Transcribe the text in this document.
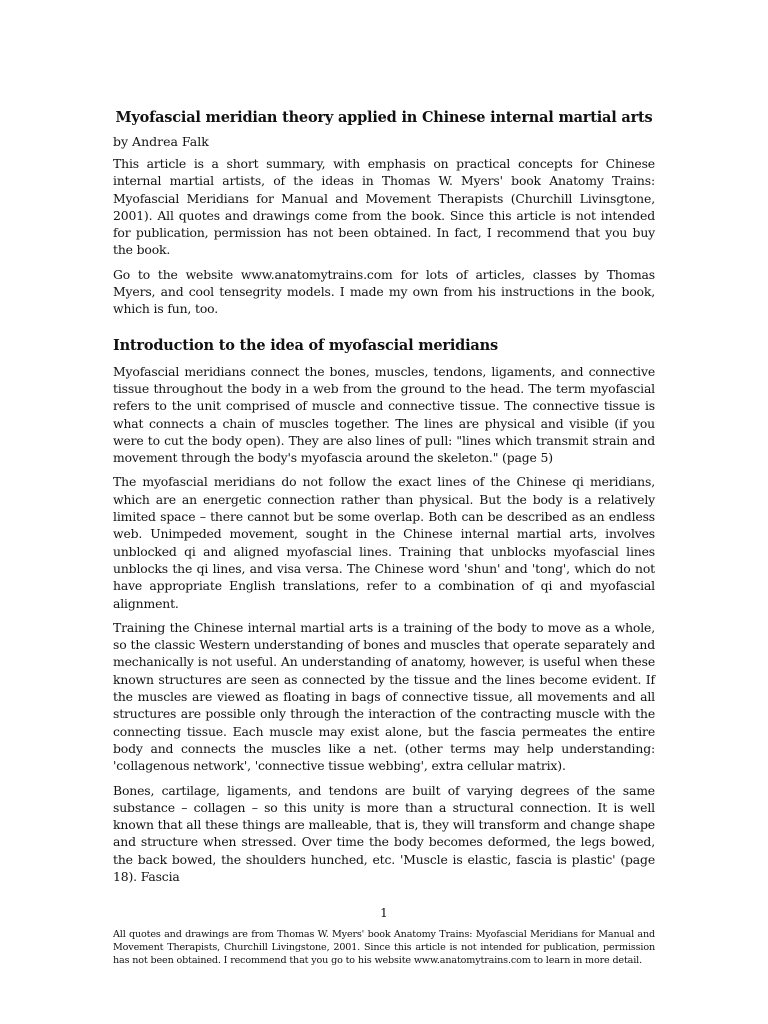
Myofascial meridian theory applied in Chinese internal martial arts
by Andrea Falk

This article is a short summary, with emphasis on practical concepts for Chinese internal martial artists, of the ideas in Thomas W. Myers' book Anatomy Trains: Myofascial Meridians for Manual and Movement Therapists (Churchill Livinsgtone, 2001). All quotes and drawings come from the book. Since this article is not intended for publication, permission has not been obtained. In fact, I recommend that you buy the book.

Go to the website www.anatomytrains.com for lots of articles, classes by Thomas Myers, and cool tensegrity models. I made my own from his instructions in the book, which is fun, too.

Introduction to the idea of myofascial meridians

Myofascial meridians connect the bones, muscles, tendons, ligaments, and connective tissue throughout the body in a web from the ground to the head. The term myofascial refers to the unit comprised of muscle and connective tissue. The connective tissue is what connects a chain of muscles together. The lines are physical and visible (if you were to cut the body open). They are also lines of pull: "lines which transmit strain and movement through the body's myofascia around the skeleton." (page 5)

The myofascial meridians do not follow the exact lines of the Chinese qi meridians, which are an energetic connection rather than physical. But the body is a relatively limited space – there cannot but be some overlap. Both can be described as an endless web. Unimpeded movement, sought in the Chinese internal martial arts, involves unblocked qi and aligned myofascial lines. Training that unblocks myofascial lines unblocks the qi lines, and visa versa. The Chinese word 'shun' and 'tong', which do not have appropriate English translations, refer to a combination of qi and myofascial alignment.

Training the Chinese internal martial arts is a training of the body to move as a whole, so the classic Western understanding of bones and muscles that operate separately and mechanically is not useful. An understanding of anatomy, however, is useful when these known structures are seen as connected by the tissue and the lines become evident. If the muscles are viewed as floating in bags of connective tissue, all movements and all structures are possible only through the interaction of the contracting muscle with the connecting tissue. Each muscle may exist alone, but the fascia permeates the entire body and connects the muscles like a net. (other terms may help understanding: 'collagenous network', 'connective tissue webbing', extra cellular matrix).

Bones, cartilage, ligaments, and tendons are built of varying degrees of the same substance – collagen – so this unity is more than a structural connection. It is well known that all these things are malleable, that is, they will transform and change shape and structure when stressed. Over time the body becomes deformed, the legs bowed, the back bowed, the shoulders hunched, etc. 'Muscle is elastic, fascia is plastic' (page 18). Fascia

1
All quotes and drawings are from Thomas W. Myers' book Anatomy Trains: Myofascial Meridians for Manual and Movement Therapists, Churchill Livingstone, 2001. Since this article is not intended for publication, permission has not been obtained. I recommend that you go to his website www.anatomytrains.com to learn in more detail.
